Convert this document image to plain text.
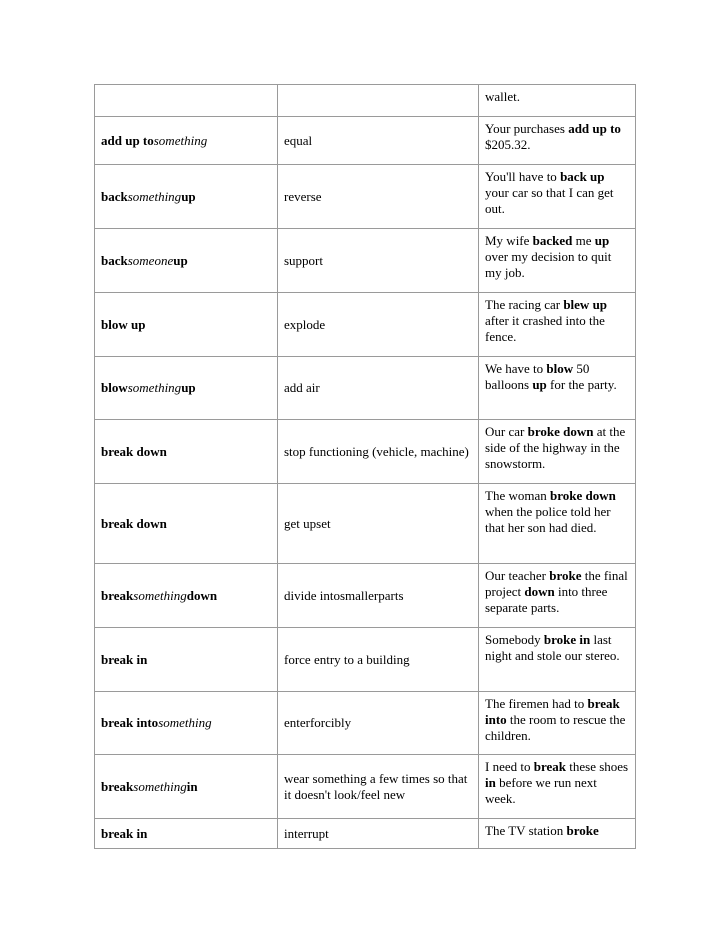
		wallet.
add up tosomething	equal	Your purchases add up to $205.32.
backsomethingup	reverse	You'll have to back up your car so that I can get out.
backsomeoneup	support	My wife backed me up over my decision to quit my job.
blow up	explode	The racing car blew up after it crashed into the fence.
blowsomethingup	add air	We have to blow 50 balloons up for the party.
break down	stop functioning (vehicle, machine)	Our car broke down at the side of the highway in the snowstorm.
break down	get upset	The woman broke down when the police told her that her son had died.
breaksomethingdown	divide intosmallerparts	Our teacher broke the final project down into three separate parts.
break in	force entry to a building	Somebody broke in last night and stole our stereo.
break intosomething	enterforcibly	The firemen had to break into the room to rescue the children.
breaksomethingin	wear something a few times so that it doesn't look/feel new	I need to break these shoes in before we run next week.
break in	interrupt	The TV station broke
